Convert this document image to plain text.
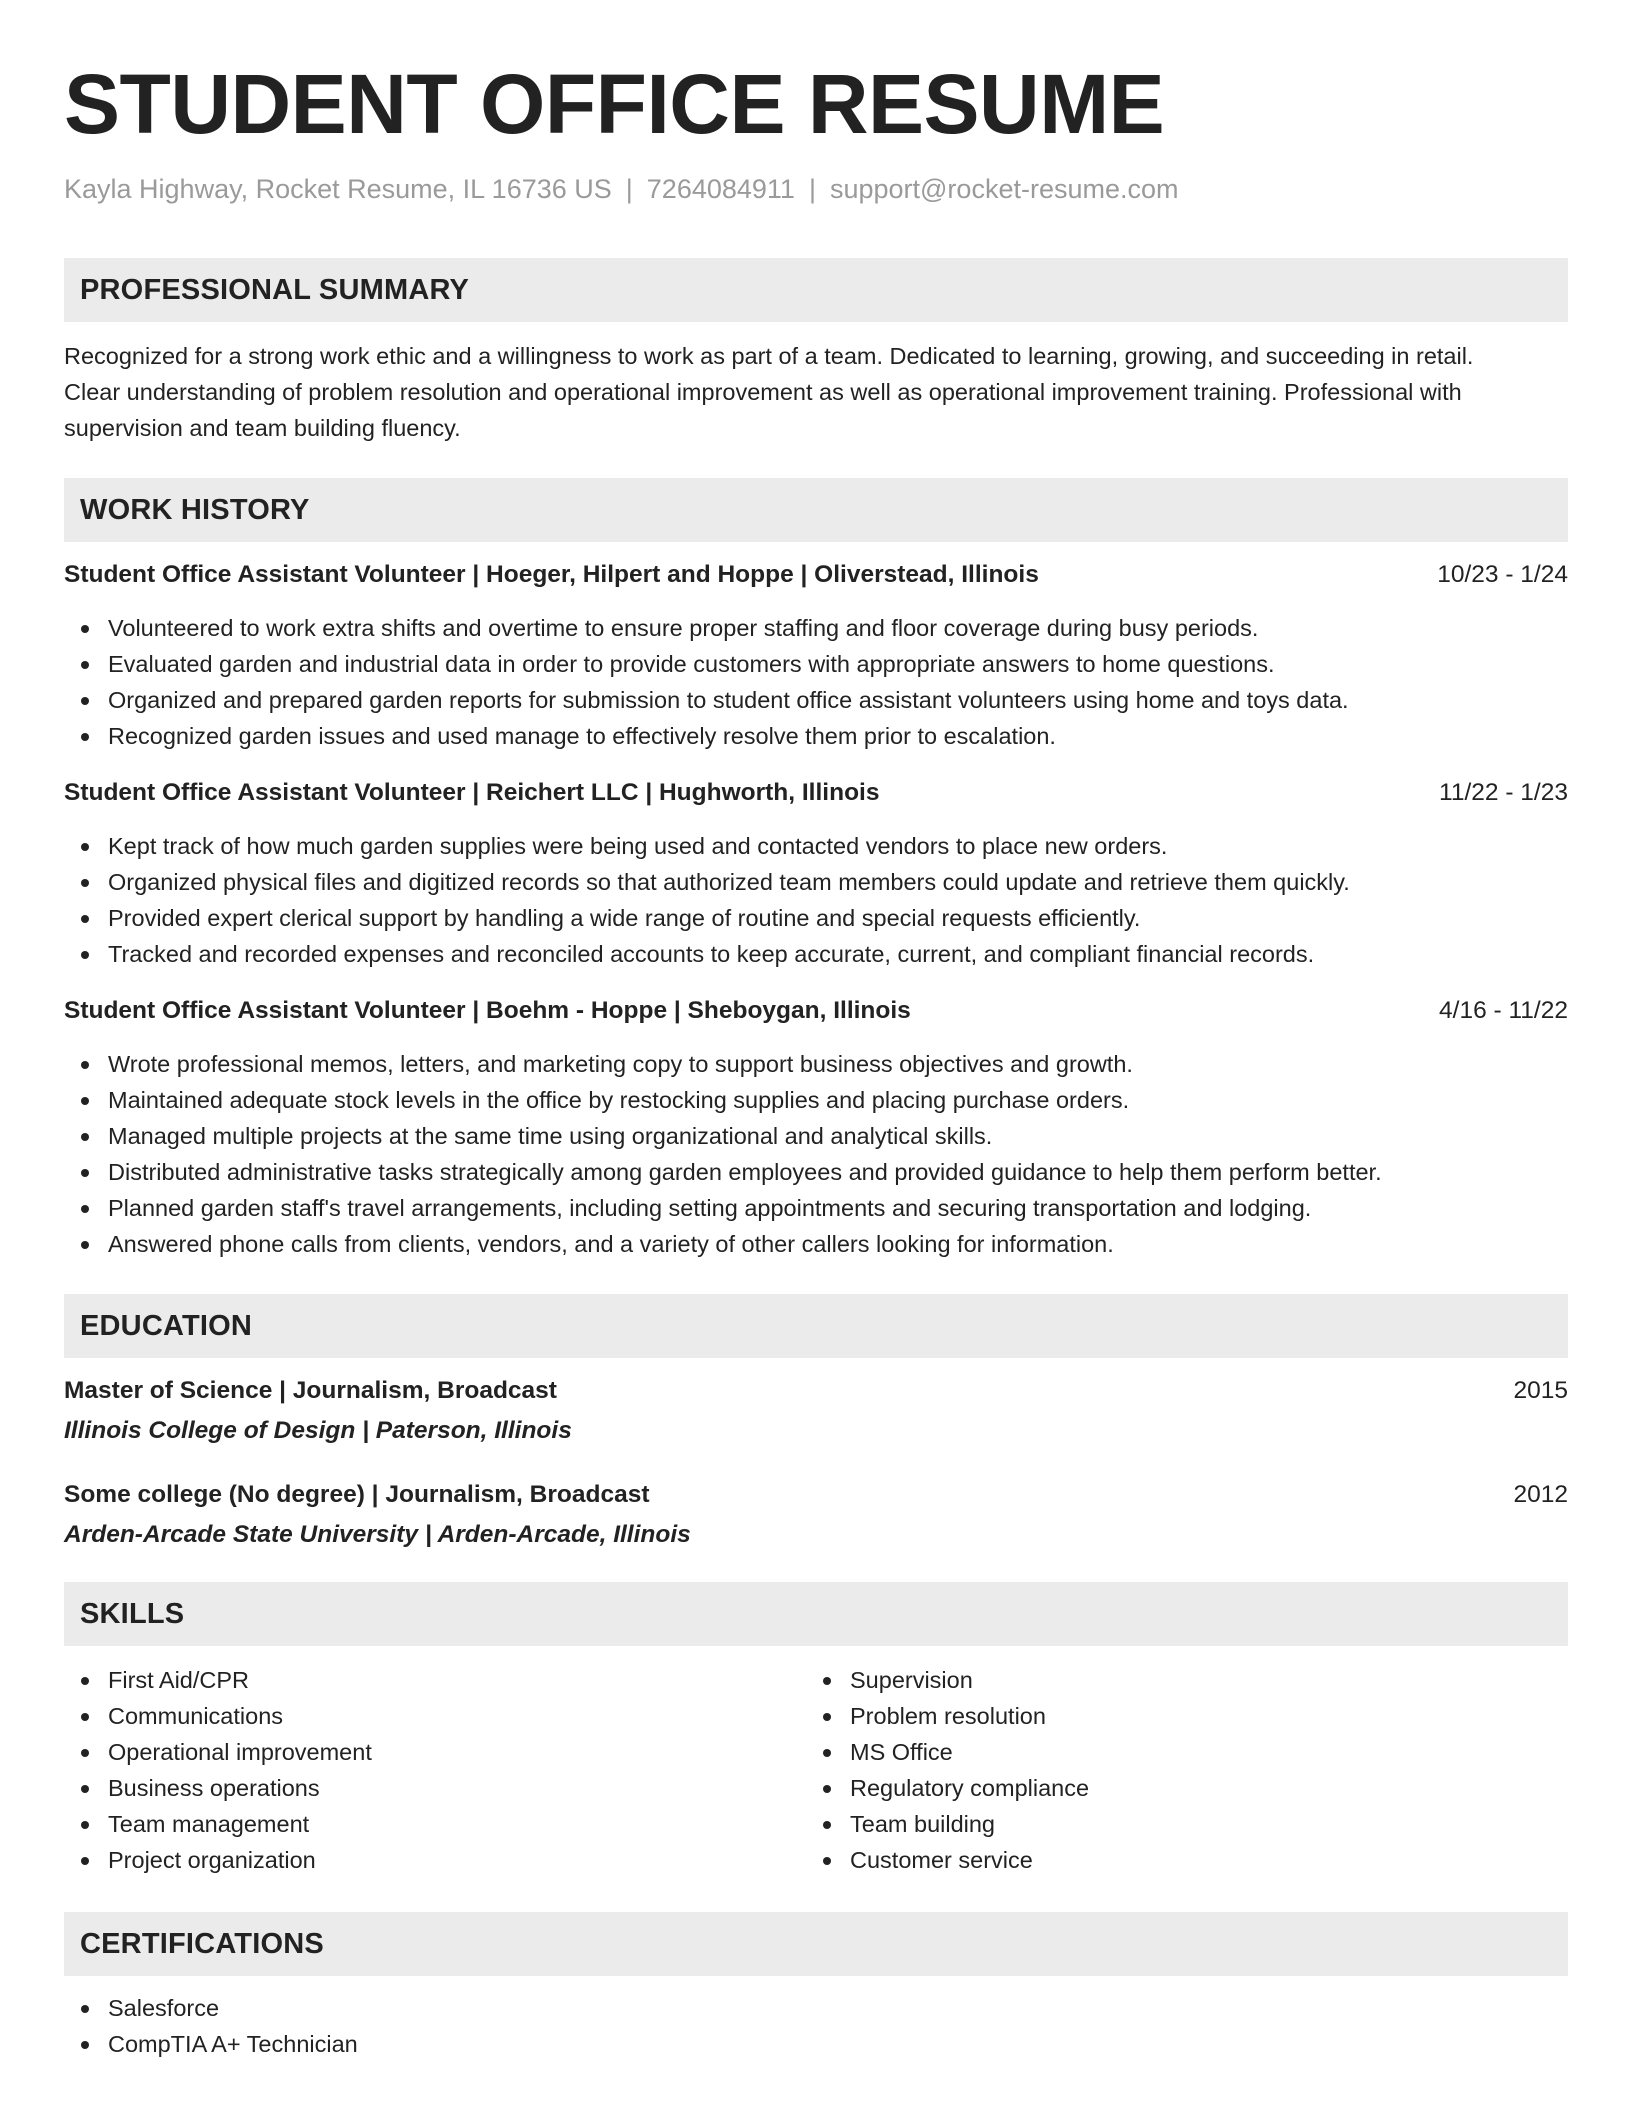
STUDENT OFFICE RESUME
Kayla Highway, Rocket Resume, IL 16736 US | 7264084911 | support@rocket-resume.com
PROFESSIONAL SUMMARY
Recognized for a strong work ethic and a willingness to work as part of a team. Dedicated to learning, growing, and succeeding in retail.
Clear understanding of problem resolution and operational improvement as well as operational improvement training. Professional with
supervision and team building fluency.
WORK HISTORY
Student Office Assistant Volunteer | Hoeger, Hilpert and Hoppe | Oliverstead, Illinois	10/23 - 1/24
Volunteered to work extra shifts and overtime to ensure proper staffing and floor coverage during busy periods.
Evaluated garden and industrial data in order to provide customers with appropriate answers to home questions.
Organized and prepared garden reports for submission to student office assistant volunteers using home and toys data.
Recognized garden issues and used manage to effectively resolve them prior to escalation.
Student Office Assistant Volunteer | Reichert LLC | Hughworth, Illinois	11/22 - 1/23
Kept track of how much garden supplies were being used and contacted vendors to place new orders.
Organized physical files and digitized records so that authorized team members could update and retrieve them quickly.
Provided expert clerical support by handling a wide range of routine and special requests efficiently.
Tracked and recorded expenses and reconciled accounts to keep accurate, current, and compliant financial records.
Student Office Assistant Volunteer | Boehm - Hoppe | Sheboygan, Illinois	4/16 - 11/22
Wrote professional memos, letters, and marketing copy to support business objectives and growth.
Maintained adequate stock levels in the office by restocking supplies and placing purchase orders.
Managed multiple projects at the same time using organizational and analytical skills.
Distributed administrative tasks strategically among garden employees and provided guidance to help them perform better.
Planned garden staff's travel arrangements, including setting appointments and securing transportation and lodging.
Answered phone calls from clients, vendors, and a variety of other callers looking for information.
EDUCATION
Master of Science | Journalism, Broadcast	2015
Illinois College of Design | Paterson, Illinois
Some college (No degree) | Journalism, Broadcast	2012
Arden-Arcade State University | Arden-Arcade, Illinois
SKILLS
First Aid/CPR
Communications
Operational improvement
Business operations
Team management
Project organization
Supervision
Problem resolution
MS Office
Regulatory compliance
Team building
Customer service
CERTIFICATIONS
Salesforce
CompTIA A+ Technician
